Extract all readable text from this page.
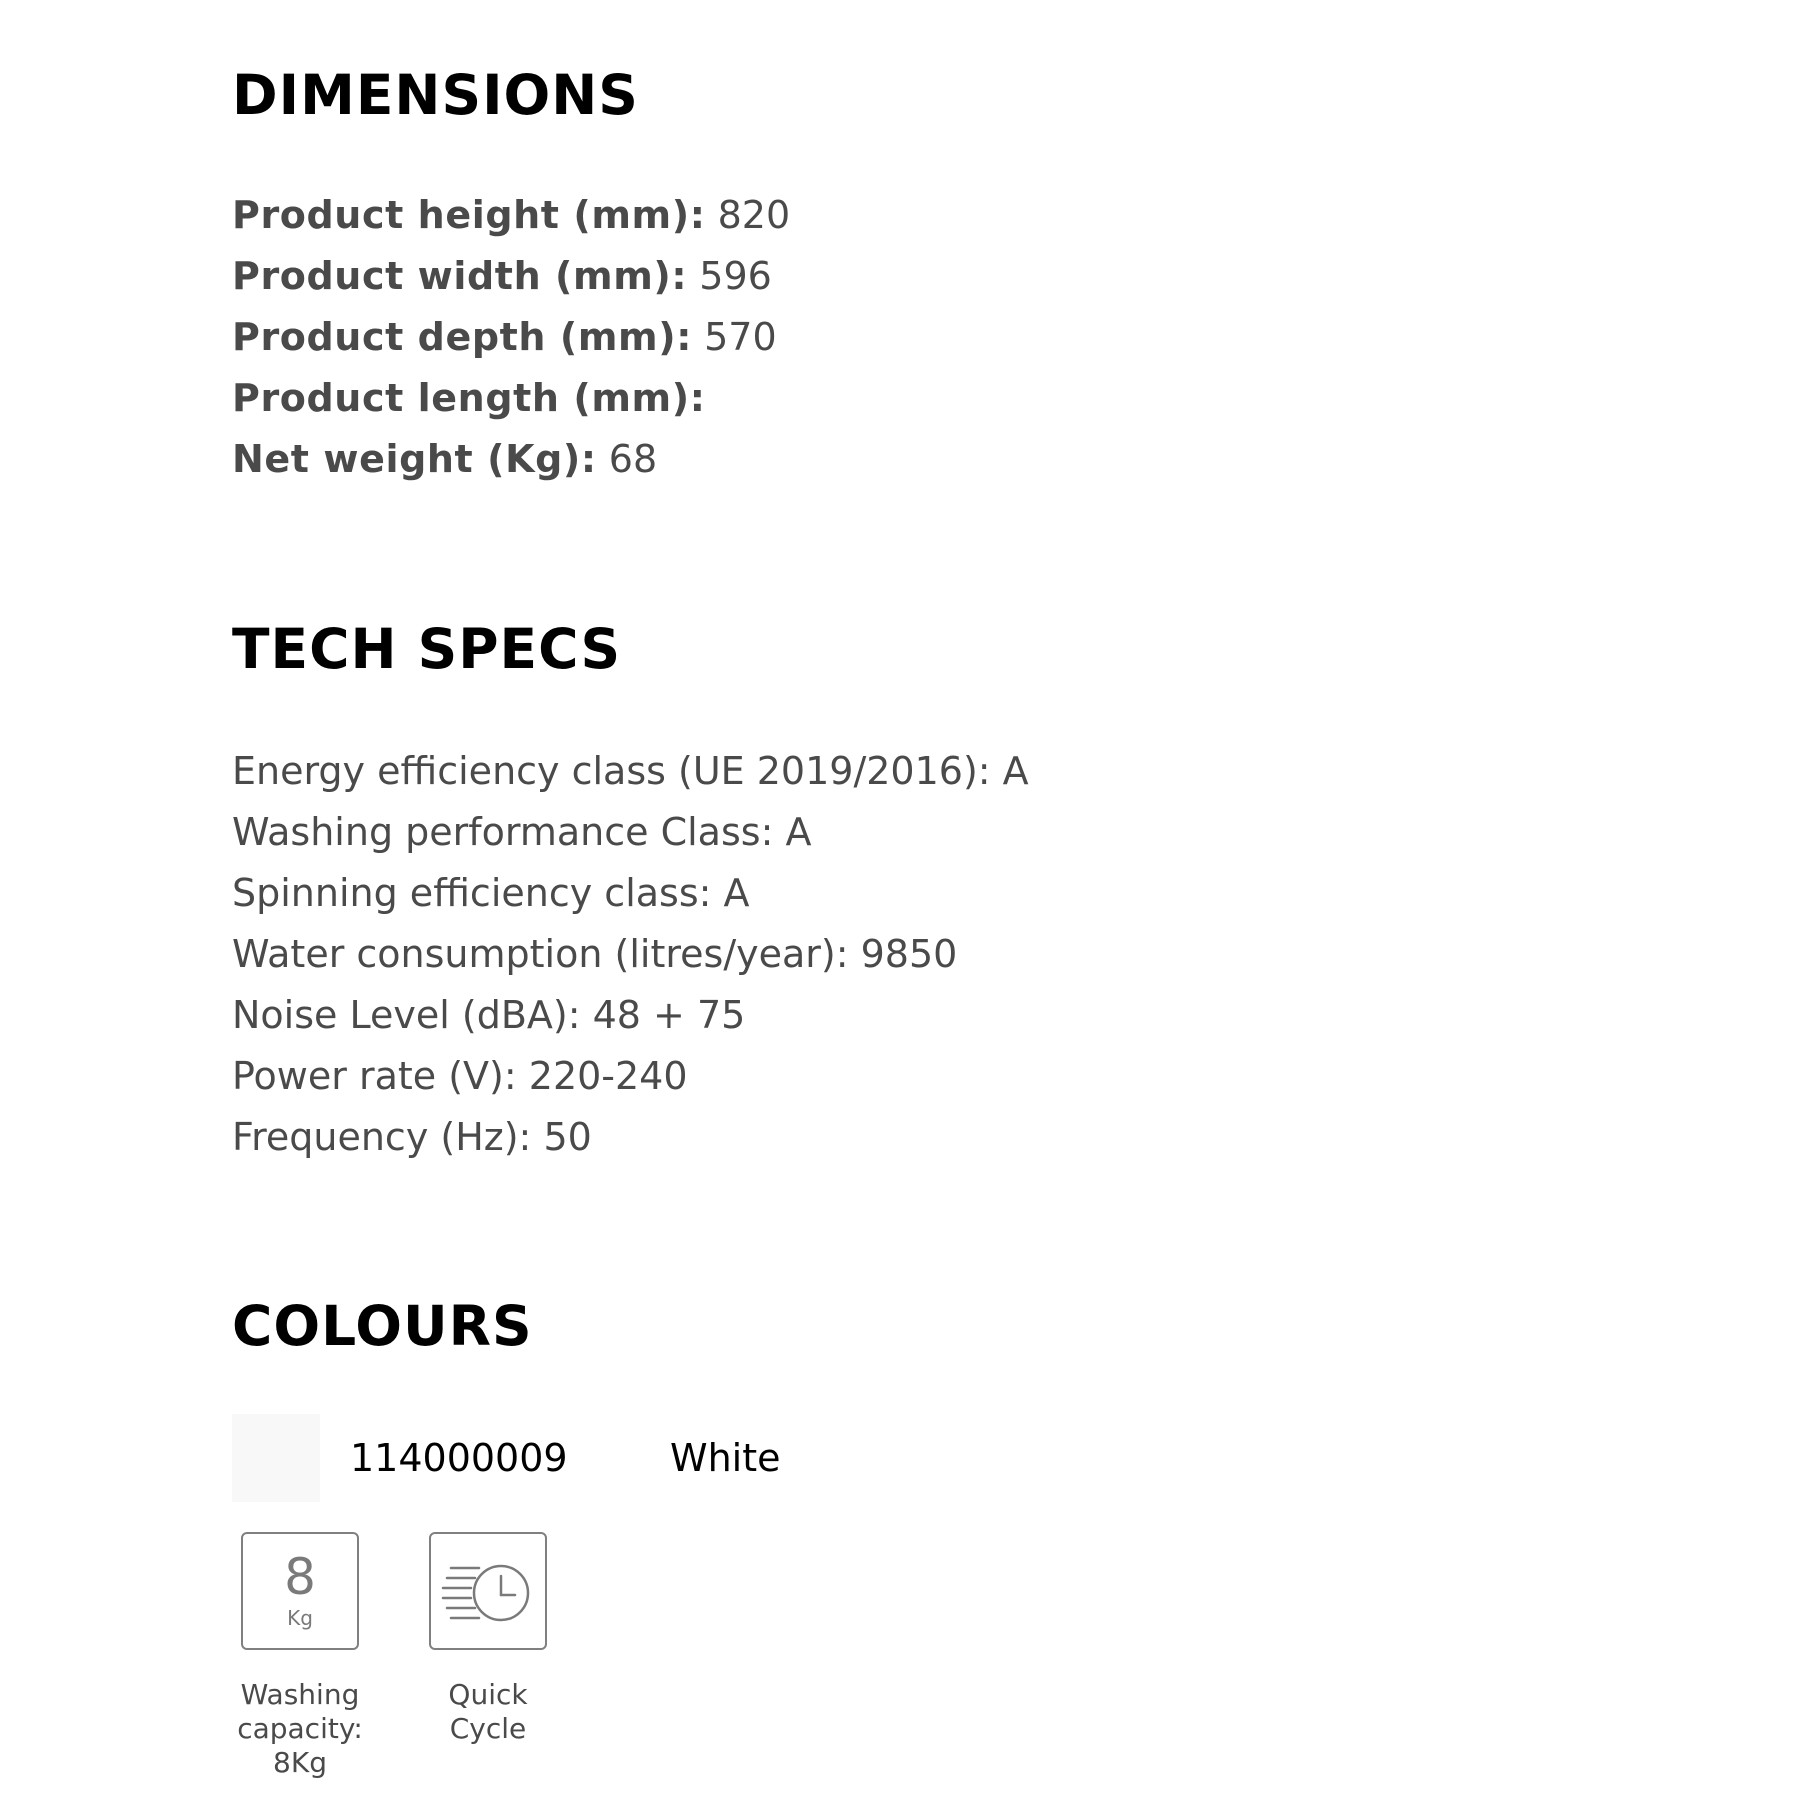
DIMENSIONS
Product height (mm): 820
Product width (mm): 596
Product depth (mm): 570
Product length (mm):
Net weight (Kg): 68
TECH SPECS
Energy efficiency class (UE 2019/2016): A
Washing performance Class: A
Spinning efficiency class: A
Water consumption (litres/year): 9850
Noise Level (dBA): 48 + 75
Power rate (V): 220-240
Frequency (Hz): 50
COLOURS
114000009	White
8
Kg
Washing capacity: 8Kg
Quick Cycle
